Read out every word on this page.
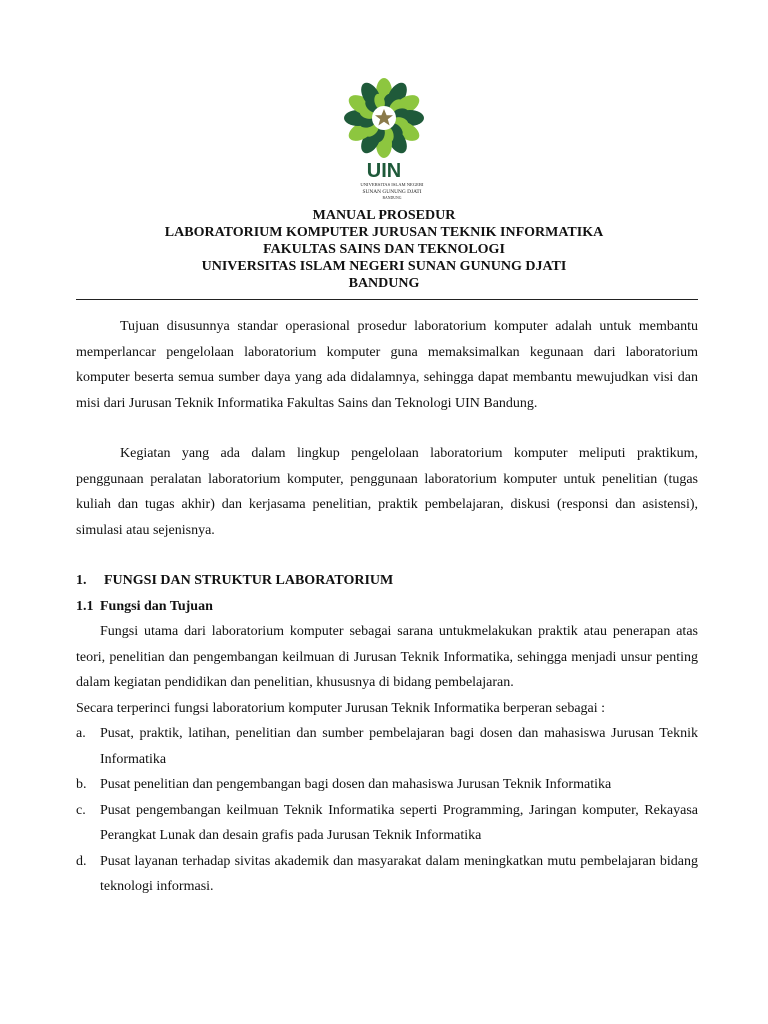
UIN
UNIVERSITAS ISLAM NEGERI
SUNAN GUNUNG DJATI
BANDUNG
MANUAL PROSEDUR
LABORATORIUM KOMPUTER JURUSAN TEKNIK INFORMATIKA
FAKULTAS SAINS DAN TEKNOLOGI
UNIVERSITAS ISLAM NEGERI SUNAN GUNUNG DJATI
BANDUNG

Tujuan disusunnya standar operasional prosedur laboratorium komputer adalah untuk membantu memperlancar pengelolaan laboratorium komputer guna memaksimalkan kegunaan dari laboratorium komputer beserta semua sumber daya yang ada didalamnya, sehingga dapat membantu mewujudkan visi dan misi dari Jurusan Teknik Informatika Fakultas Sains dan Teknologi UIN Bandung.

Kegiatan yang ada dalam lingkup pengelolaan laboratorium komputer meliputi praktikum, penggunaan peralatan laboratorium komputer, penggunaan laboratorium komputer untuk penelitian (tugas kuliah dan tugas akhir) dan kerjasama penelitian, praktik pembelajaran, diskusi (responsi dan asistensi), simulasi atau sejenisnya.

1. FUNGSI DAN STRUKTUR LABORATORIUM

1.1 Fungsi dan Tujuan

Fungsi utama dari laboratorium komputer sebagai sarana untukmelakukan praktik atau penerapan atas teori, penelitian dan pengembangan keilmuan di Jurusan Teknik Informatika, sehingga menjadi unsur penting dalam kegiatan pendidikan dan penelitian, khususnya di bidang pembelajaran.

Secara terperinci fungsi laboratorium komputer Jurusan Teknik Informatika berperan sebagai :

a.	Pusat, praktik, latihan, penelitian dan sumber pembelajaran bagi dosen dan mahasiswa Jurusan Teknik Informatika
b. Pusat penelitian dan pengembangan bagi dosen dan mahasiswa Jurusan Teknik Informatika
c.	Pusat pengembangan keilmuan Teknik Informatika seperti Programming, Jaringan komputer, Rekayasa Perangkat Lunak dan desain grafis pada Jurusan Teknik Informatika
d. Pusat layanan terhadap sivitas akademik dan masyarakat dalam meningkatkan mutu pembelajaran bidang teknologi informasi.
